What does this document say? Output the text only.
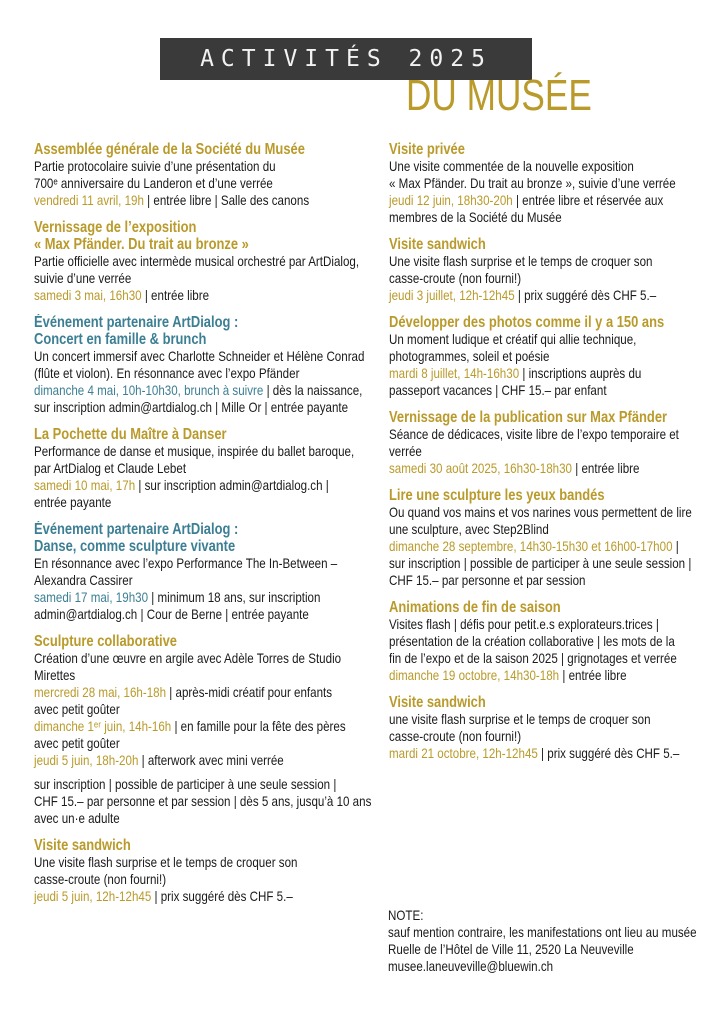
ACTIVITÉS 2025
DU MUSÉE
Assemblée générale de la Société du Musée
Partie protocolaire suivie d’une présentation du
700ᵉ anniversaire du Landeron et d’une verrée
vendredi 11 avril, 19h | entrée libre | Salle des canons
Vernissage de l’exposition
« Max Pfänder. Du trait au bronze »
Partie officielle avec intermède musical orchestré par ArtDialog,
suivie d’une verrée
samedi 3 mai, 16h30 | entrée libre
Événement partenaire ArtDialog :
Concert en famille & brunch
Un concert immersif avec Charlotte Schneider et Hélène Conrad
(flûte et violon). En résonnance avec l’expo Pfänder
dimanche 4 mai, 10h-10h30, brunch à suivre | dès la naissance,
sur inscription admin@artdialog.ch | Mille Or | entrée payante
La Pochette du Maître à Danser
Performance de danse et musique, inspirée du ballet baroque,
par ArtDialog et Claude Lebet
samedi 10 mai, 17h | sur inscription admin@artdialog.ch |
entrée payante
Événement partenaire ArtDialog :
Danse, comme sculpture vivante
En résonnance avec l’expo Performance The In-Between –
Alexandra Cassirer
samedi 17 mai, 19h30 | minimum 18 ans, sur inscription
admin@artdialog.ch | Cour de Berne | entrée payante
Sculpture collaborative
Création d’une œuvre en argile avec Adèle Torres de Studio
Mirettes
mercredi 28 mai, 16h-18h | après-midi créatif pour enfants
avec petit goûter
dimanche 1ᵉʳ juin, 14h-16h | en famille pour la fête des pères
avec petit goûter
jeudi 5 juin, 18h-20h | afterwork avec mini verrée
sur inscription | possible de participer à une seule session |
CHF 15.– par personne et par session | dès 5 ans, jusqu’à 10 ans
avec un·e adulte
Visite sandwich
Une visite flash surprise et le temps de croquer son
casse-croute (non fourni!)
jeudi 5 juin, 12h-12h45 | prix suggéré dès CHF 5.–
Visite privée
Une visite commentée de la nouvelle exposition
« Max Pfänder. Du trait au bronze », suivie d’une verrée
jeudi 12 juin, 18h30-20h | entrée libre et réservée aux
membres de la Société du Musée
Visite sandwich
Une visite flash surprise et le temps de croquer son
casse-croute (non fourni!)
jeudi 3 juillet, 12h-12h45 | prix suggéré dès CHF 5.–
Développer des photos comme il y a 150 ans
Un moment ludique et créatif qui allie technique,
photogrammes, soleil et poésie
mardi 8 juillet, 14h-16h30 | inscriptions auprès du
passeport vacances | CHF 15.– par enfant
Vernissage de la publication sur Max Pfänder
Séance de dédicaces, visite libre de l’expo temporaire et
verrée
samedi 30 août 2025, 16h30-18h30 | entrée libre
Lire une sculpture les yeux bandés
Ou quand vos mains et vos narines vous permettent de lire
une sculpture, avec Step2Blind
dimanche 28 septembre, 14h30-15h30 et 16h00-17h00 |
sur inscription | possible de participer à une seule session |
CHF 15.– par personne et par session
Animations de fin de saison
Visites flash | défis pour petit.e.s explorateurs.trices |
présentation de la création collaborative | les mots de la
fin de l’expo et de la saison 2025 | grignotages et verrée
dimanche 19 octobre, 14h30-18h | entrée libre
Visite sandwich
une visite flash surprise et le temps de croquer son
casse-croute (non fourni!)
mardi 21 octobre, 12h-12h45 | prix suggéré dès CHF 5.–
NOTE:
sauf mention contraire, les manifestations ont lieu au musée
Ruelle de l’Hôtel de Ville 11, 2520 La Neuveville
musee.laneuveville@bluewin.ch
